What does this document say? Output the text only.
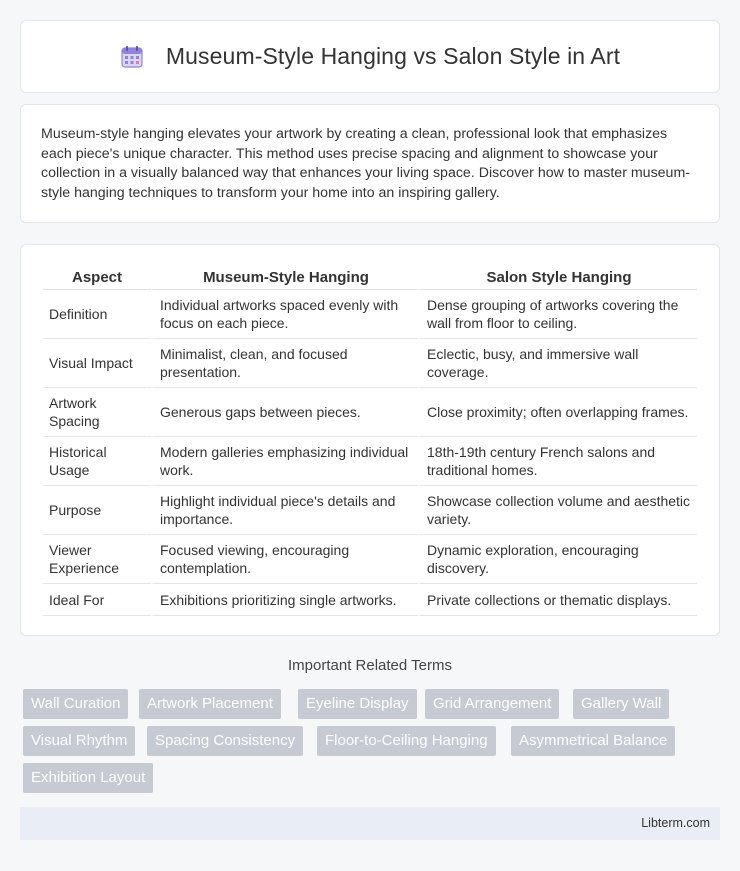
Museum-Style Hanging vs Salon Style in Art

Museum-style hanging elevates your artwork by creating a clean, professional look that emphasizes each piece's unique character. This method uses precise spacing and alignment to showcase your collection in a visually balanced way that enhances your living space. Discover how to master museum-style hanging techniques to transform your home into an inspiring gallery.

Aspect	Museum-Style Hanging	Salon Style Hanging
Definition	Individual artworks spaced evenly with focus on each piece.	Dense grouping of artworks covering the wall from floor to ceiling.
Visual Impact	Minimalist, clean, and focused presentation.	Eclectic, busy, and immersive wall coverage.
Artwork Spacing	Generous gaps between pieces.	Close proximity; often overlapping frames.
Historical Usage	Modern galleries emphasizing individual work.	18th-19th century French salons and traditional homes.
Purpose	Highlight individual piece's details and importance.	Showcase collection volume and aesthetic variety.
Viewer Experience	Focused viewing, encouraging contemplation.	Dynamic exploration, encouraging discovery.
Ideal For	Exhibitions prioritizing single artworks.	Private collections or thematic displays.
Important Related Terms
Wall Curation	Artwork Placement	Eyeline Display	Grid Arrangement	Gallery Wall
Visual Rhythm	Spacing Consistency	Floor-to-Ceiling Hanging	Asymmetrical Balance
Exhibition Layout
Libterm.com
